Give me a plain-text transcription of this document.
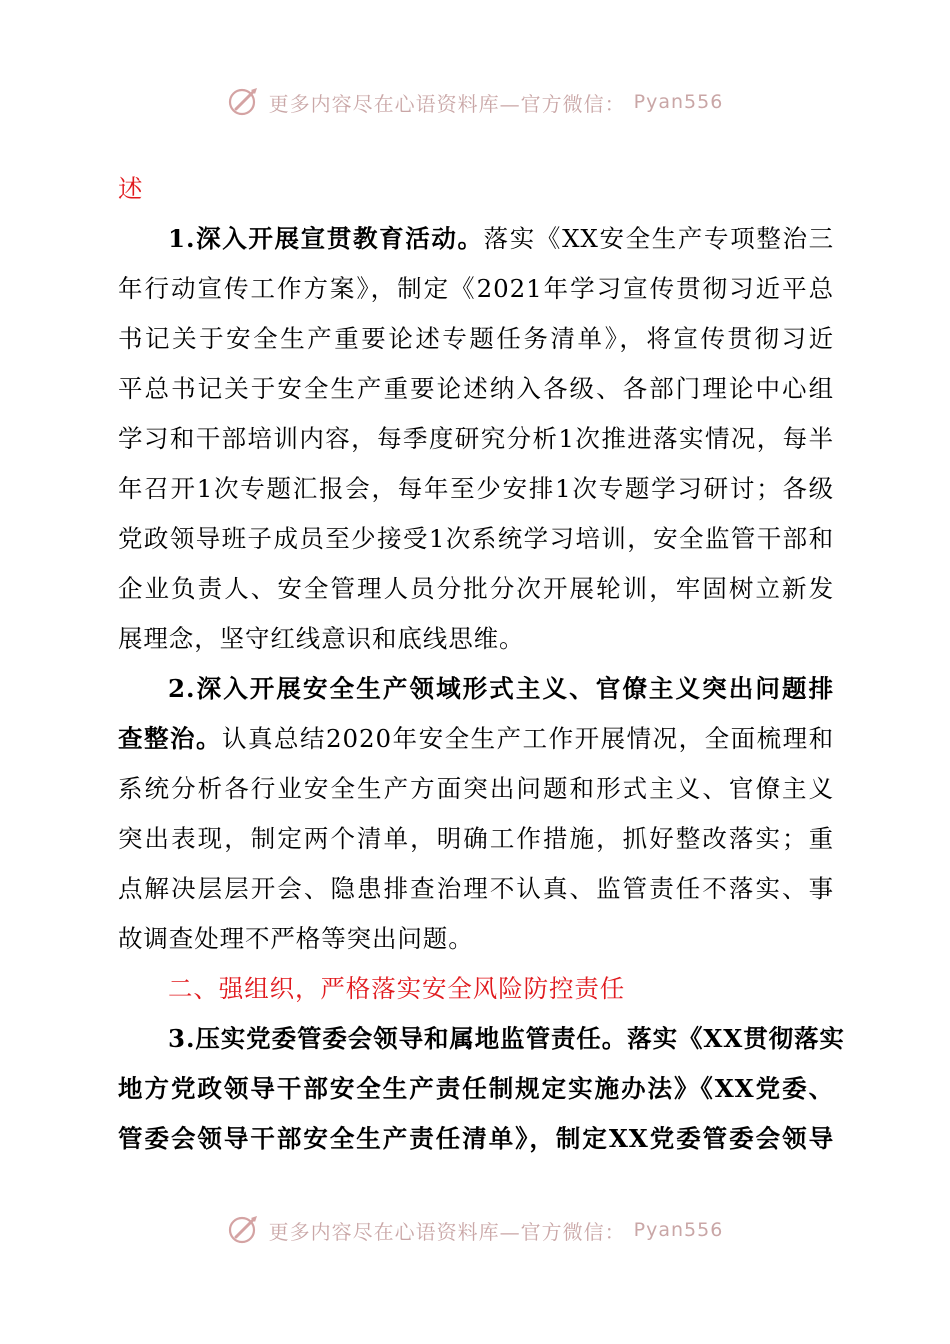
更多内容尽在心语资料库—官方微信： Pyan556
述
1.深入开展宣贯教育活动。落实《XX安全生产专项整治三
年行动宣传工作方案》，制定《2021年学习宣传贯彻习近平总
书记关于安全生产重要论述专题任务清单》，将宣传贯彻习近
平总书记关于安全生产重要论述纳入各级、各部门理论中心组
学习和干部培训内容，每季度研究分析1次推进落实情况，每半
年召开1次专题汇报会，每年至少安排1次专题学习研讨；各级
党政领导班子成员至少接受1次系统学习培训，安全监管干部和
企业负责人、安全管理人员分批分次开展轮训，牢固树立新发
展理念，坚守红线意识和底线思维。
2.深入开展安全生产领域形式主义、官僚主义突出问题排
查整治。认真总结2020年安全生产工作开展情况，全面梳理和
系统分析各行业安全生产方面突出问题和形式主义、官僚主义
突出表现，制定两个清单，明确工作措施，抓好整改落实；重
点解决层层开会、隐患排查治理不认真、监管责任不落实、事
故调查处理不严格等突出问题。
二、强组织，严格落实安全风险防控责任
3.压实党委管委会领导和属地监管责任。落实《XX贯彻落实
地方党政领导干部安全生产责任制规定实施办法》《XX党委、
管委会领导干部安全生产责任清单》，制定XX党委管委会领导
更多内容尽在心语资料库—官方微信： Pyan556
